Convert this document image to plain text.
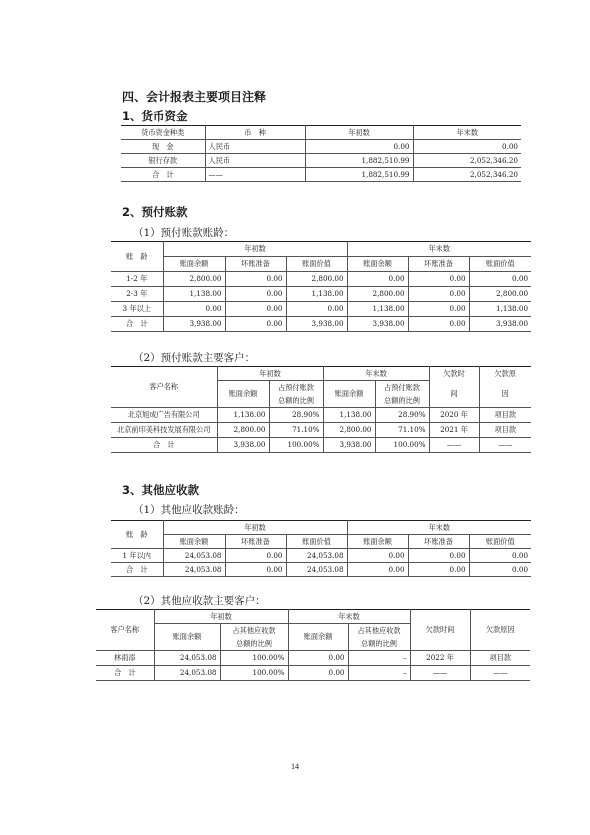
四、会计报表主要项目注释
1、货币资金
货币资金种类	币　种	年初数	年末数
现　金	人民币	0.00	0.00
银行存款	人民币	1,882,510.99	2,052,346.20
合　计	——	1,882,510.99	2,052,346.20
2、预付账款
（1）预付账款账龄：
账　龄	年初数			年末数		
	账面余额	坏账准备	账面价值	账面余额	坏账准备	账面价值
1-2 年	2,800.00	0.00	2,800.00	0.00	0.00	0.00
2-3 年	1,138.00	0.00	1,138.00	2,800.00	0.00	2,800.00
3 年以上	0.00	0.00	0.00	1,138.00	0.00	1,138.00
合　计	3,938.00	0.00	3,938.00	3,938.00	0.00	3,938.00
（2）预付账款主要客户：
客户名称	年初数		年末数		欠款时	欠款原
	账面余额	占预付账款	账面余额	占预付账款	间	因
		总额的比例		总额的比例		
北京旭成广告有限公司	1,138.00	28.90%	1,138.00	28.90%	2020 年	项目款
北京前印美科技发展有限公司	2,800.00	71.10%	2,800.00	71.10%	2021 年	项目款
合　计	3,938.00	100.00%	3,938.00	100.00%	——	——
3、其他应收款
（1）其他应收款账龄：
账　龄	年初数			年末数		
	账面余额	坏账准备	账面价值	账面余额	坏账准备	账面价值
1 年以内	24,053.08	0.00	24,053.08	0.00	0.00	0.00
合　计	24,053.08	0.00	24,053.08	0.00	0.00	0.00
（2）其他应收款主要客户：
客户名称	年初数		年末数		欠款时间	欠款原因
	账面余额	占其他应收款	账面余额	占其他应收款		
		总额的比例		总额的比例		
林雨添	24,053.08	100.00%	0.00	–	2022 年	项目款
合　计	24,053.08	100.00%	0.00	–	——	——
14
